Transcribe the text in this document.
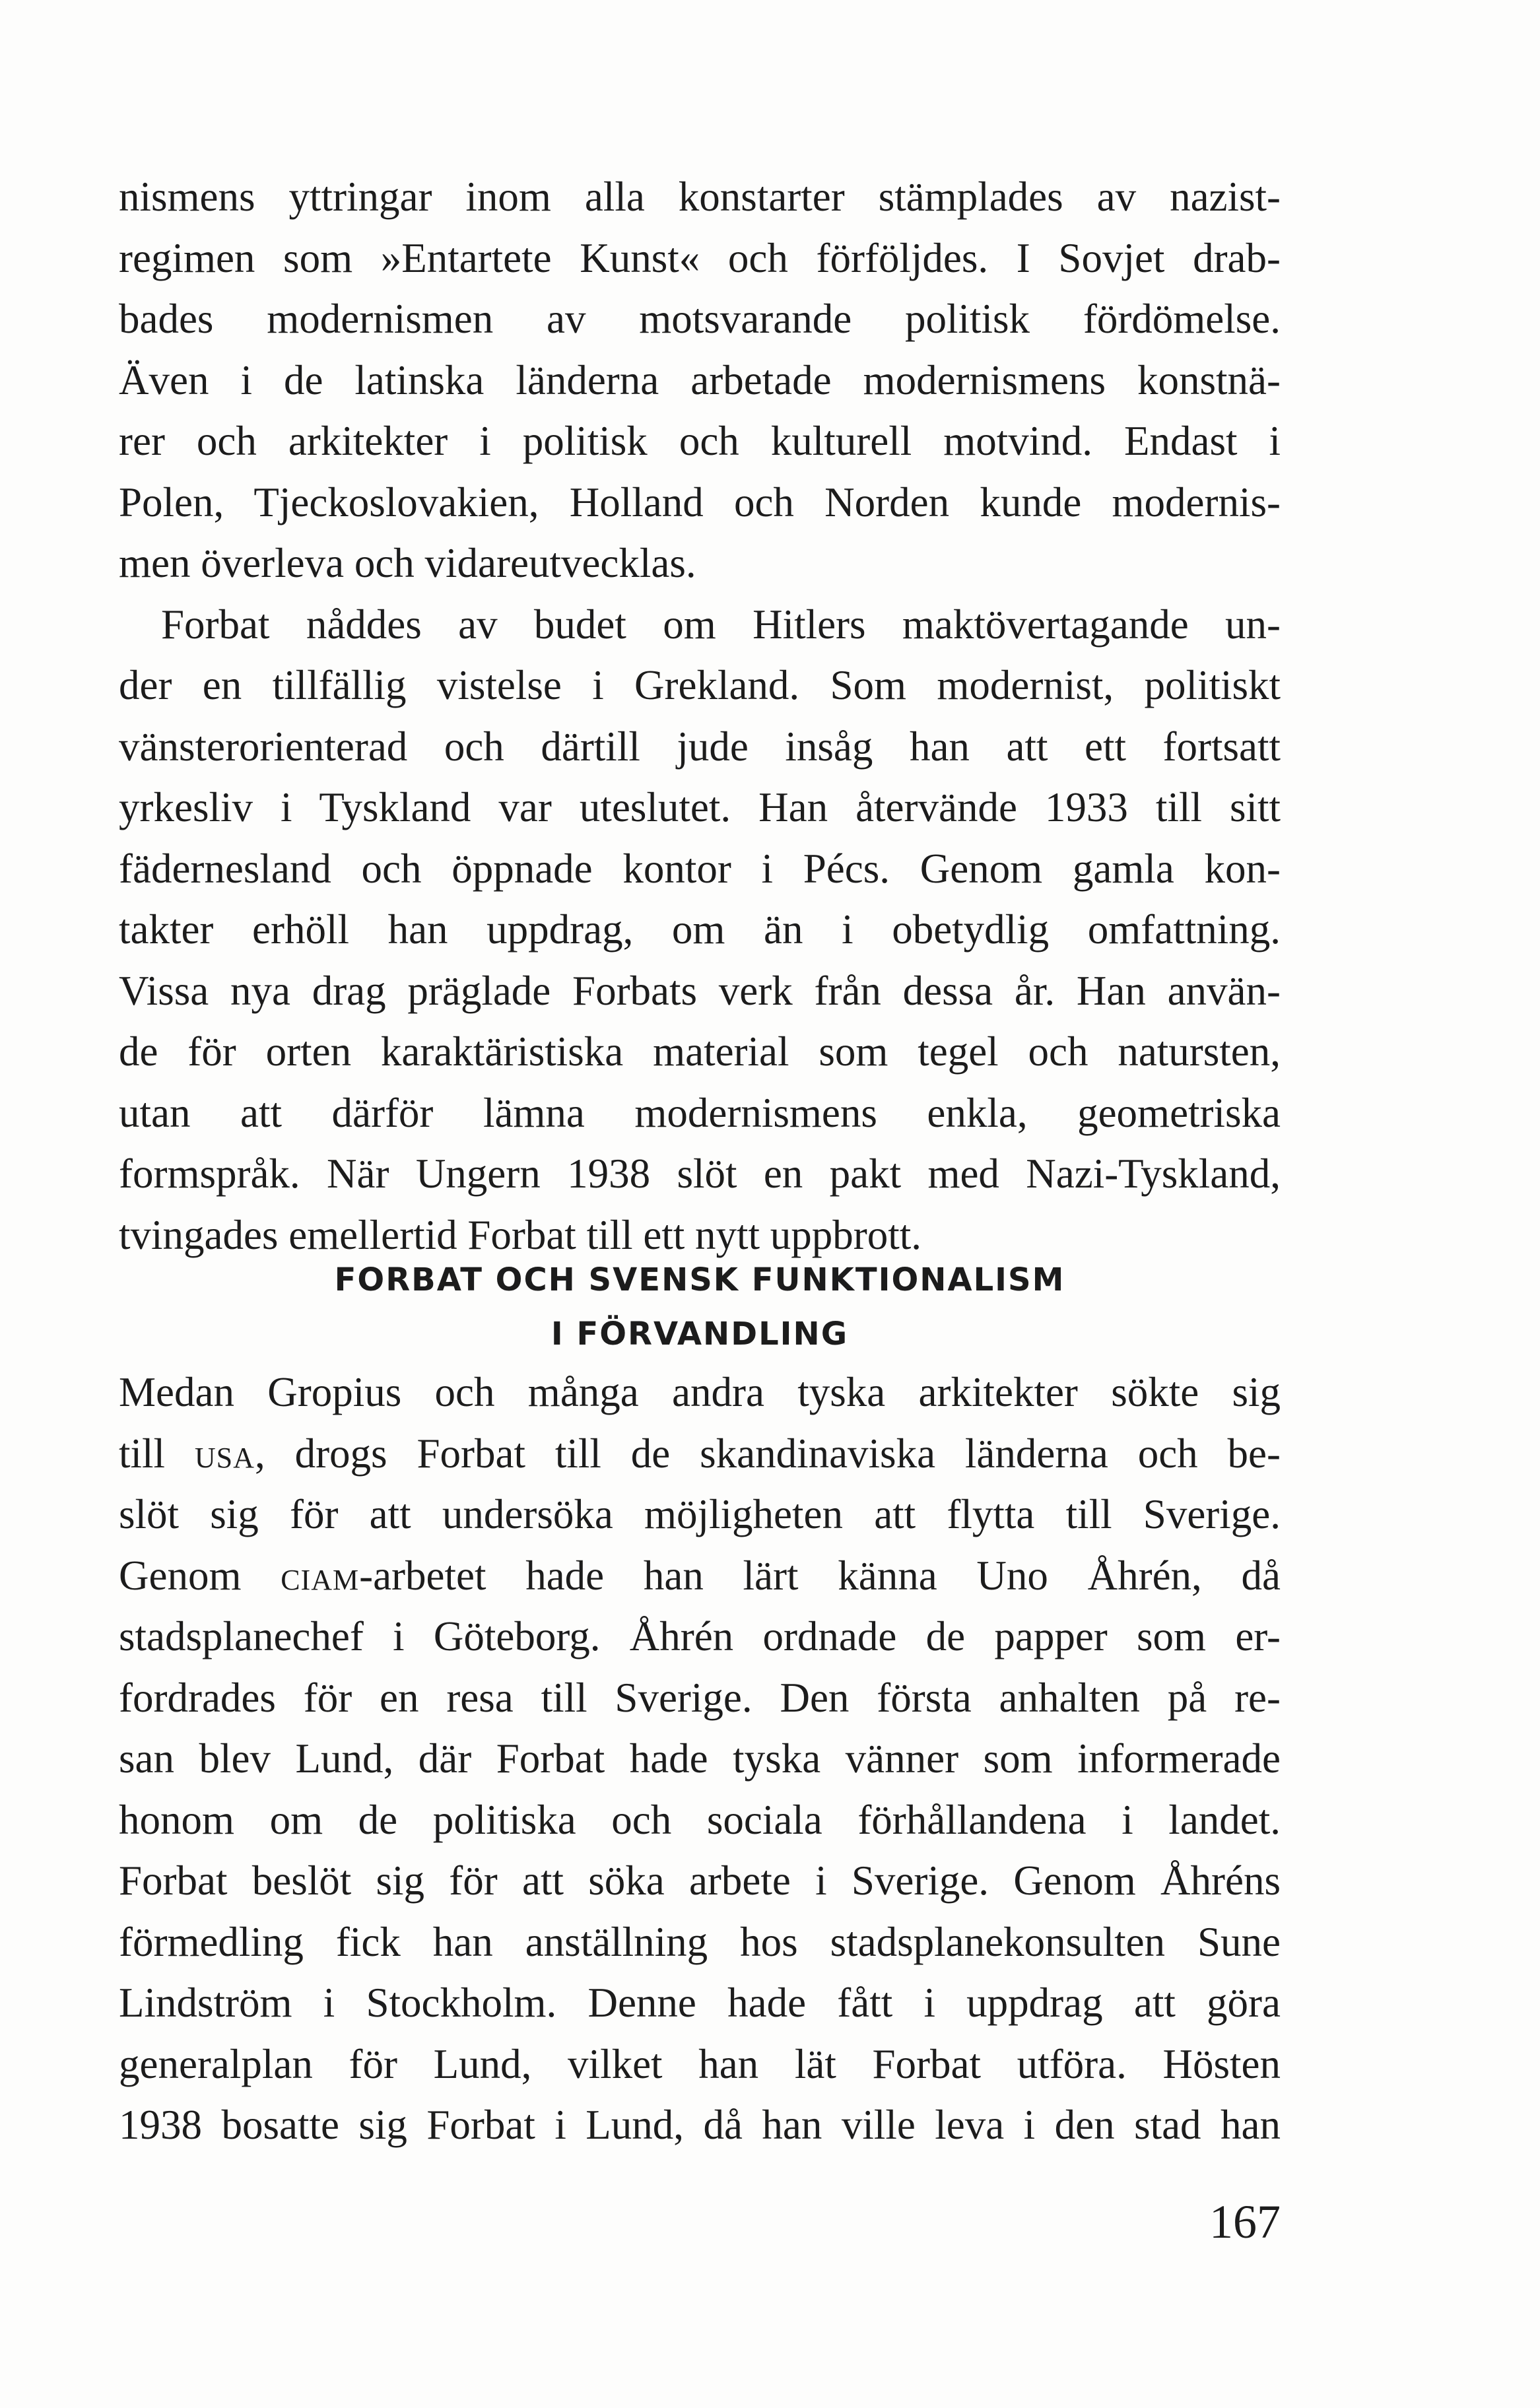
nismens yttringar inom alla konstarter stämplades av nazist-
regimen som »Entartete Kunst« och förföljdes. I Sovjet drab-
bades modernismen av motsvarande politisk fördömelse.
Även i de latinska länderna arbetade modernismens konstnä-
rer och arkitekter i politisk och kulturell motvind. Endast i
Polen, Tjeckoslovakien, Holland och Norden kunde modernis-
men överleva och vidareutvecklas.
Forbat nåddes av budet om Hitlers maktövertagande un-
der en tillfällig vistelse i Grekland. Som modernist, politiskt
vänsterorienterad och därtill jude insåg han att ett fortsatt
yrkesliv i Tyskland var uteslutet. Han återvände 1933 till sitt
fädernesland och öppnade kontor i Pécs. Genom gamla kon-
takter erhöll han uppdrag, om än i obetydlig omfattning.
Vissa nya drag präglade Forbats verk från dessa år. Han använ-
de för orten karaktäristiska material som tegel och natursten,
utan att därför lämna modernismens enkla, geometriska
formspråk. När Ungern 1938 slöt en pakt med Nazi-Tyskland,
tvingades emellertid Forbat till ett nytt uppbrott.
FORBAT OCH SVENSK FUNKTIONALISM
I FÖRVANDLING
Medan Gropius och många andra tyska arkitekter sökte sig
till usa, drogs Forbat till de skandinaviska länderna och be-
slöt sig för att undersöka möjligheten att flytta till Sverige.
Genom ciam-arbetet hade han lärt känna Uno Åhrén, då
stadsplanechef i Göteborg. Åhrén ordnade de papper som er-
fordrades för en resa till Sverige. Den första anhalten på re-
san blev Lund, där Forbat hade tyska vänner som informerade
honom om de politiska och sociala förhållandena i landet.
Forbat beslöt sig för att söka arbete i Sverige. Genom Åhréns
förmedling fick han anställning hos stadsplanekonsulten Sune
Lindström i Stockholm. Denne hade fått i uppdrag att göra
generalplan för Lund, vilket han lät Forbat utföra. Hösten
1938 bosatte sig Forbat i Lund, då han ville leva i den stad han
167
